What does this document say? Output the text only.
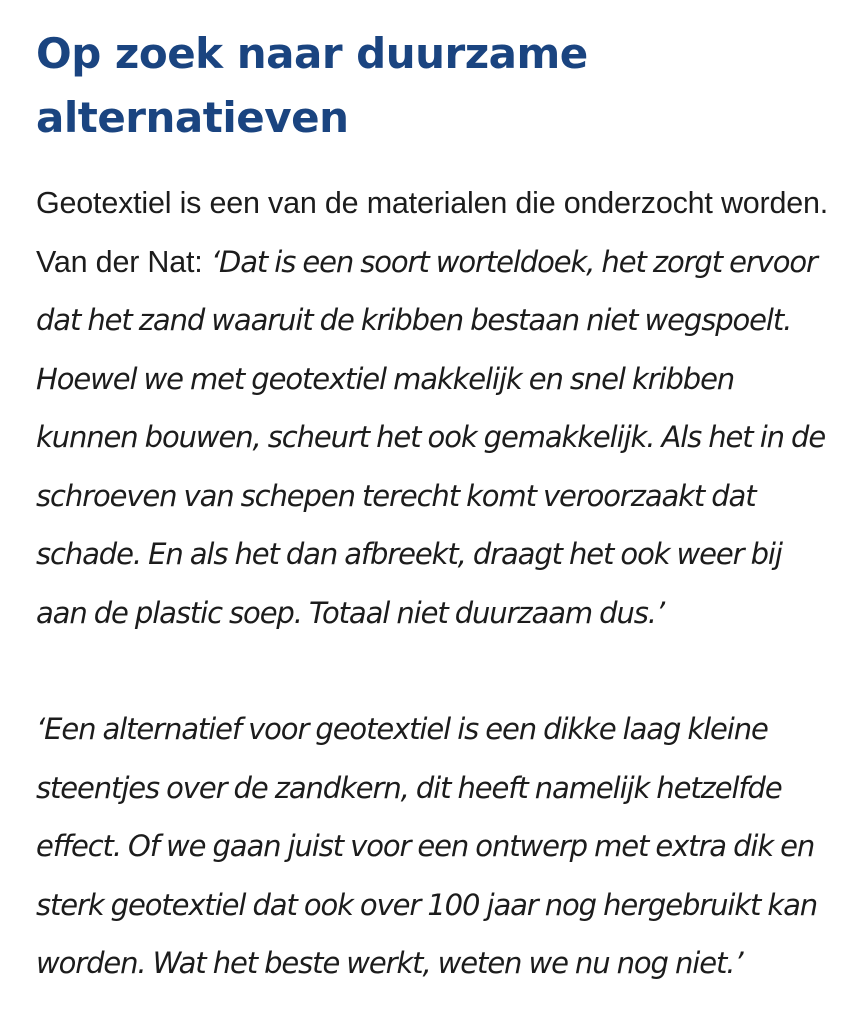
Op zoek naar duurzame alternatieven

Geotextiel is een van de materialen die onderzocht worden. Van der Nat: ‘Dat is een soort worteldoek, het zorgt ervoor dat het zand waaruit de kribben bestaan niet wegspoelt. Hoewel we met geotextiel makkelijk en snel kribben kunnen bouwen, scheurt het ook gemakkelijk. Als het in de schroeven van schepen terecht komt veroorzaakt dat schade. En als het dan afbreekt, draagt het ook weer bij aan de plastic soep. Totaal niet duurzaam dus.’

‘Een alternatief voor geotextiel is een dikke laag kleine steentjes over de zandkern, dit heeft namelijk hetzelfde effect. Of we gaan juist voor een ontwerp met extra dik en sterk geotextiel dat ook over 100 jaar nog hergebruikt kan worden. Wat het beste werkt, weten we nu nog niet.’
